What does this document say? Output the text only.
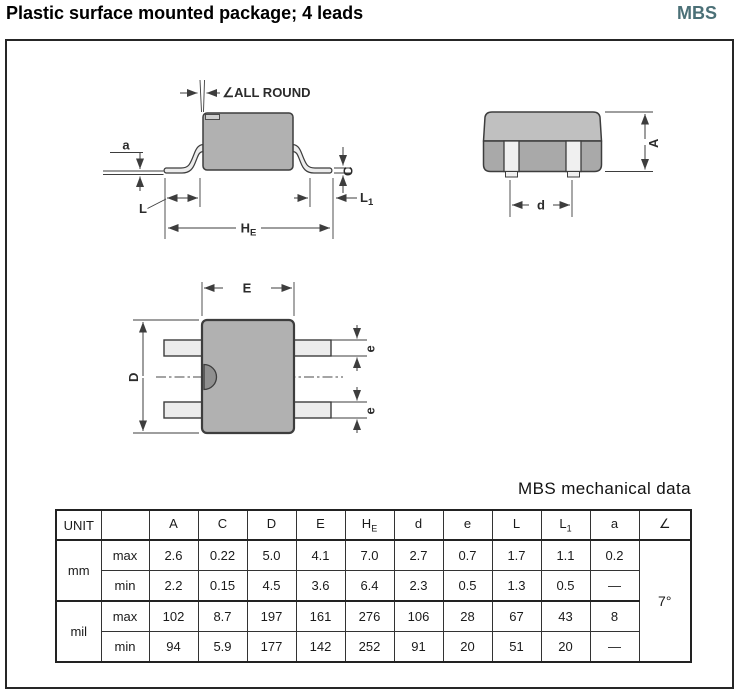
Plastic surface mounted package; 4 leads	MBS
∠ALL ROUND
a
L
$H_E$
$L_1$
C
A
d
E
D
e
e
MBS mechanical data
UNIT		A	C	D	E	$H_E$	d	e	L	$L_1$	a	∠
mm	max	2.6	0.22	5.0	4.1	7.0	2.7	0.7	1.7	1.1	0.2	7°
	min	2.2	0.15	4.5	3.6	6.4	2.3	0.5	1.3	0.5	—	
mil	max	102	8.7	197	161	276	106	28	67	43	8	
	min	94	5.9	177	142	252	91	20	51	20	—	
